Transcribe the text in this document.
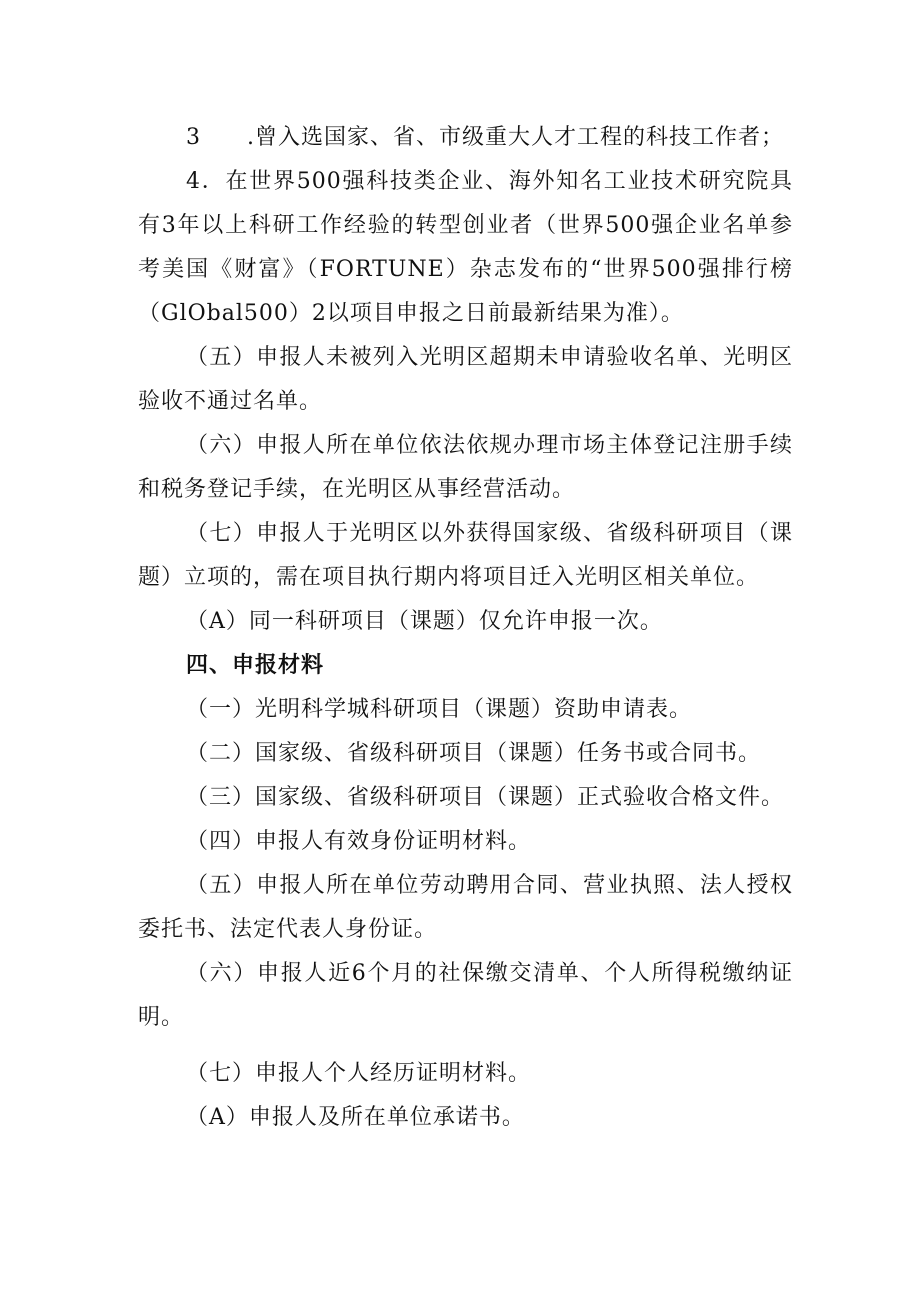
3　　.曾入选国家、省、市级重大人才工程的科技工作者；

4．在世界500强科技类企业、海外知名工业技术研究院具有3年以上科研工作经验的转型创业者（世界500强企业名单参考美国《财富》（FORTUNE）杂志发布的“世界500强排行榜（GlObal500）2以项目申报之日前最新结果为准）。

（五）申报人未被列入光明区超期未申请验收名单、光明区验收不通过名单。

（六）申报人所在单位依法依规办理市场主体登记注册手续和税务登记手续，在光明区从事经营活动。

（七）申报人于光明区以外获得国家级、省级科研项目（课题）立项的，需在项目执行期内将项目迁入光明区相关单位。

（A）同一科研项目（课题）仅允许申报一次。

四、申报材料

（一）光明科学城科研项目（课题）资助申请表。

（二）国家级、省级科研项目（课题）任务书或合同书。

（三）国家级、省级科研项目（课题）正式验收合格文件。

（四）申报人有效身份证明材料。

（五）申报人所在单位劳动聘用合同、营业执照、法人授权委托书、法定代表人身份证。

（六）申报人近6个月的社保缴交清单、个人所得税缴纳证明。

（七）申报人个人经历证明材料。

（A）申报人及所在单位承诺书。
